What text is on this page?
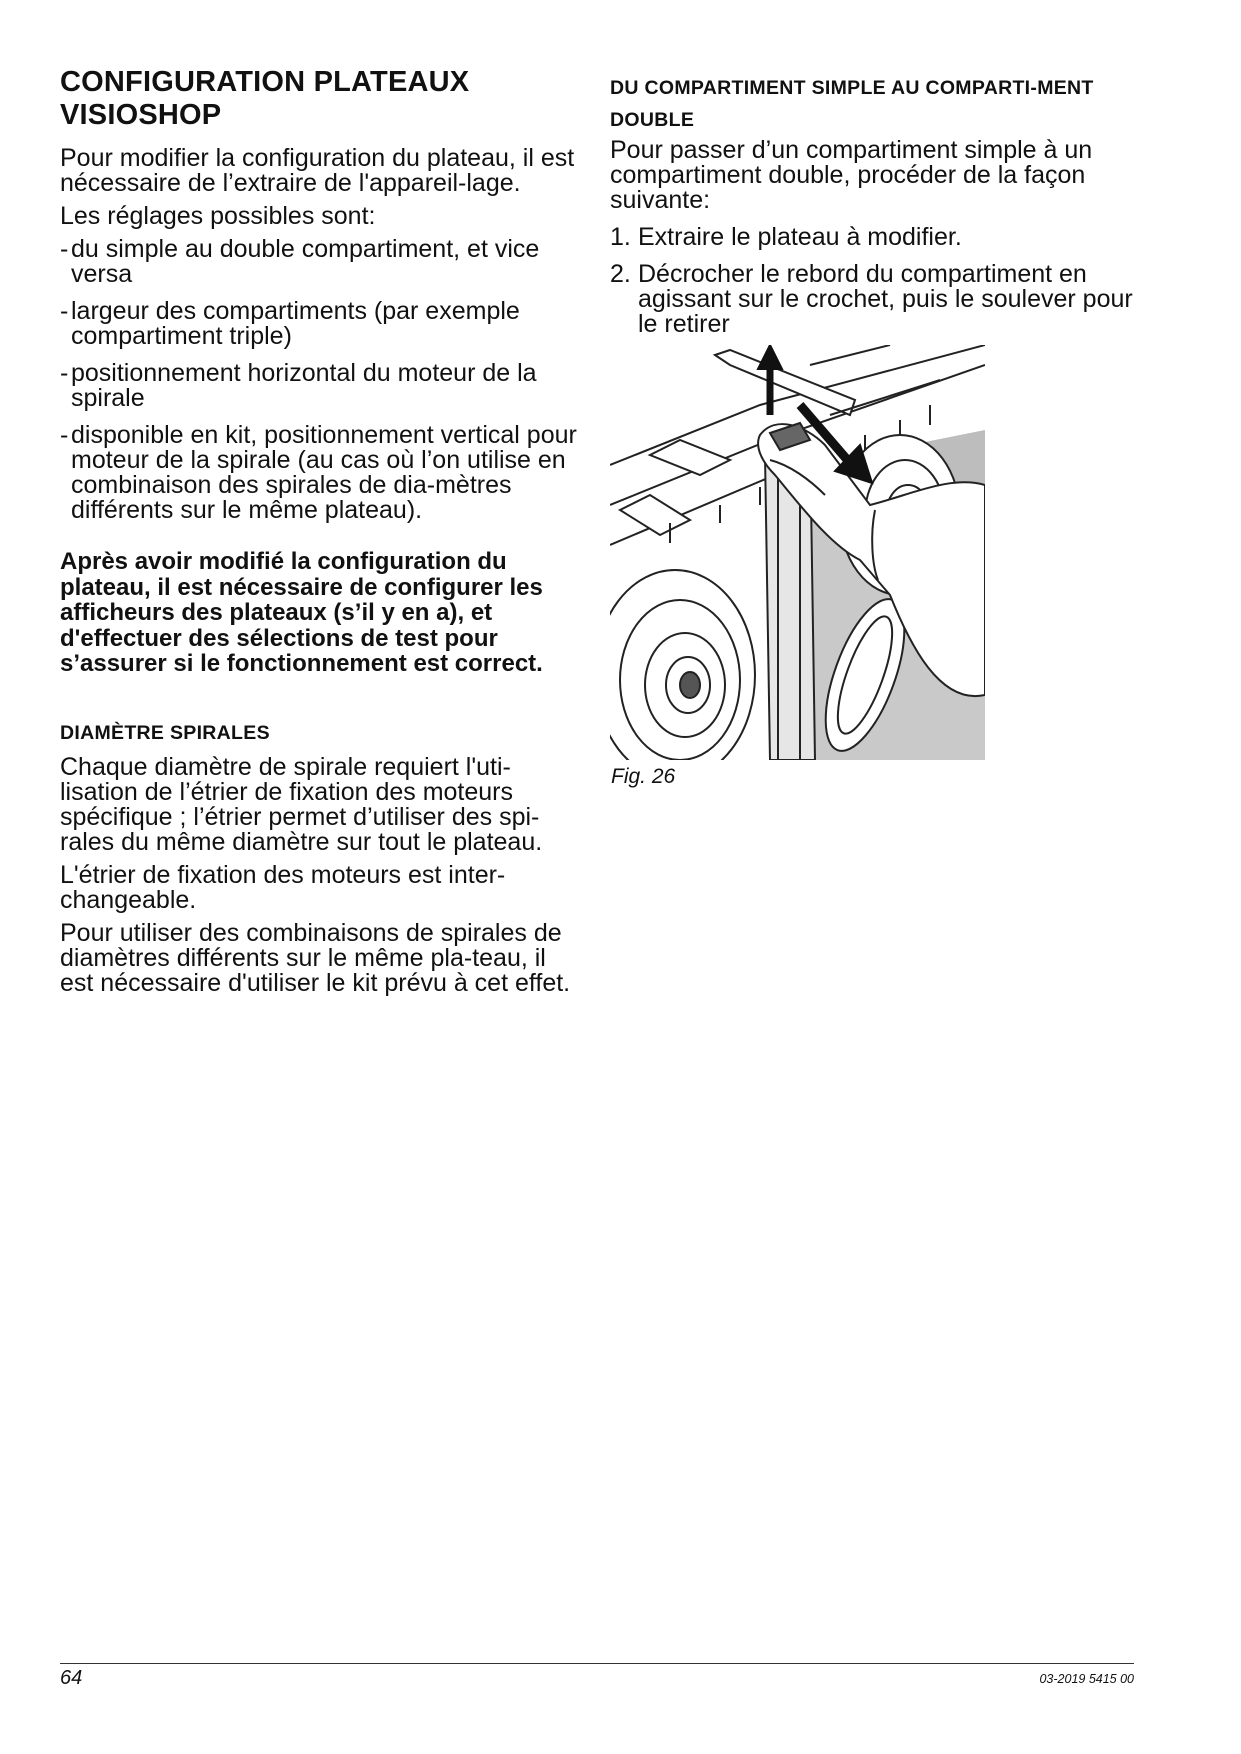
CONFIGURATION PLATEAUX VISIOSHOP

Pour modifier la configuration du plateau, il est nécessaire de l’extraire de l'appareil-lage.

Les réglages possibles sont:

- du simple au double compartiment, et vice versa
- largeur des compartiments (par exemple compartiment triple)
- positionnement horizontal du moteur de la spirale
- disponible en kit, positionnement vertical pour moteur de la spirale (au cas où l’on utilise en combinaison des spirales de dia-mètres différents sur le même plateau).

Après avoir modifié la configuration du plateau, il est nécessaire de configurer les afficheurs des plateaux (s’il y en a), et d'effectuer des sélections de test pour s’assurer si le fonctionnement est correct.

DIAMÈTRE SPIRALES

Chaque diamètre de spirale requiert l'uti-lisation de l’étrier de fixation des moteurs spécifique ; l’étrier permet d’utiliser des spi-rales du même diamètre sur tout le plateau.

L'étrier de fixation des moteurs est inter-changeable.

Pour utiliser des combinaisons de spirales de diamètres différents sur le même pla-teau, il est nécessaire d'utiliser le kit prévu à cet effet.

DU COMPARTIMENT SIMPLE AU COMPARTI-MENT DOUBLE

Pour passer d’un compartiment simple à un compartiment double, procéder de la façon suivante:

1. Extraire le plateau à modifier.
2. Décrocher le rebord du compartiment en agissant sur le crochet, puis le soulever pour le retirer
Fig. 26
64	03-2019 5415 00
